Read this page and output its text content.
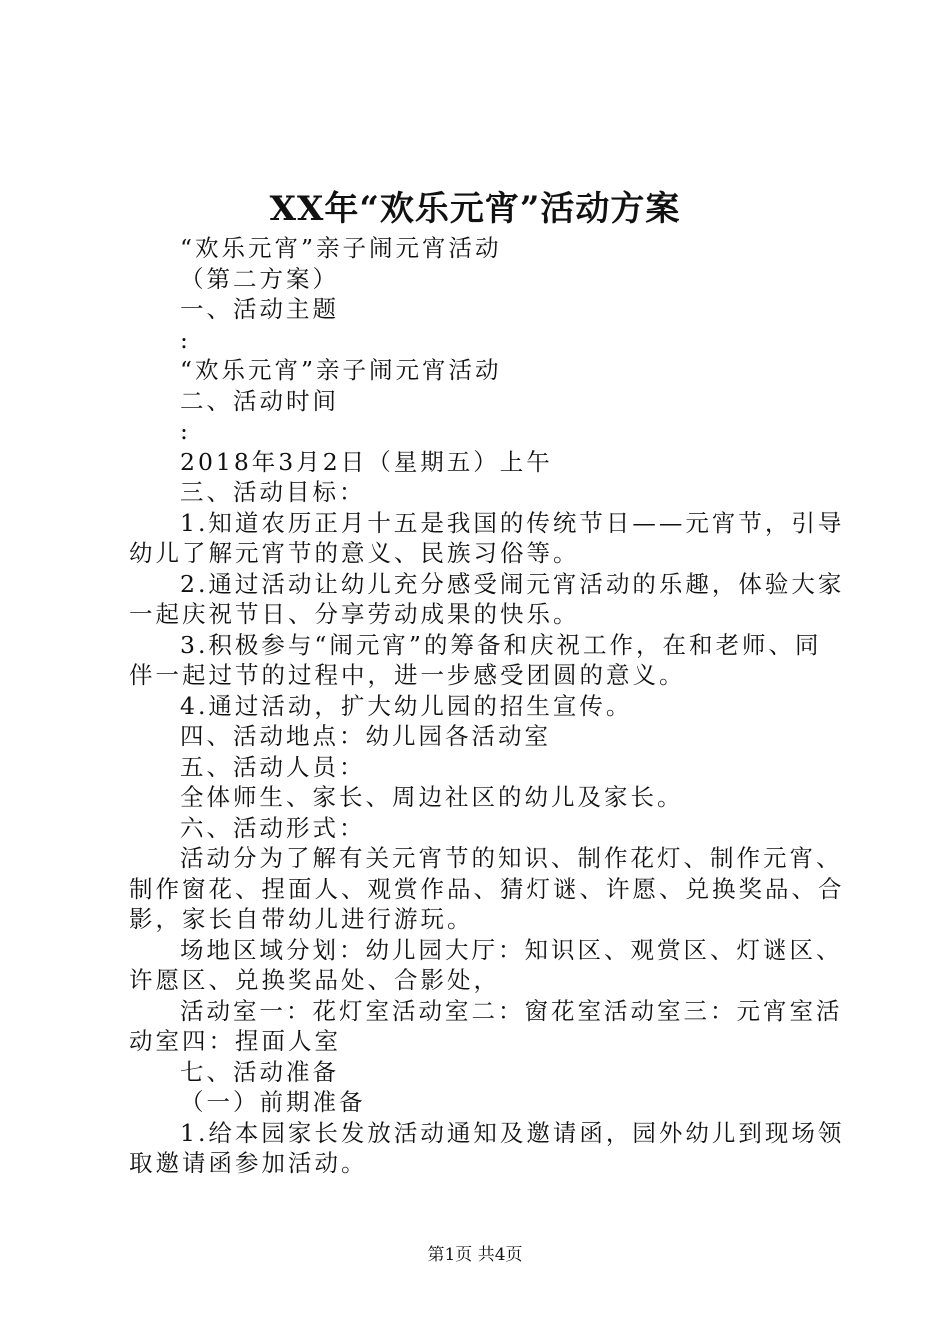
XX年“欢乐元宵”活动方案
“欢乐元宵”亲子闹元宵活动
（第二方案）
一、活动主题
:
“欢乐元宵”亲子闹元宵活动
二、活动时间
:
2018年3月2日（星期五）上午
三、活动目标：
1.知道农历正月十五是我国的传统节日——元宵节，引导
幼儿了解元宵节的意义、民族习俗等。
2.通过活动让幼儿充分感受闹元宵活动的乐趣，体验大家
一起庆祝节日、分享劳动成果的快乐。
3.积极参与“闹元宵”的筹备和庆祝工作，在和老师、同
伴一起过节的过程中，进一步感受团圆的意义。
4.通过活动，扩大幼儿园的招生宣传。
四、活动地点：幼儿园各活动室
五、活动人员：
全体师生、家长、周边社区的幼儿及家长。
六、活动形式：
活动分为了解有关元宵节的知识、制作花灯、制作元宵、
制作窗花、捏面人、观赏作品、猜灯谜、许愿、兑换奖品、合
影，家长自带幼儿进行游玩。
场地区域分划：幼儿园大厅：知识区、观赏区、灯谜区、
许愿区、兑换奖品处、合影处，
活动室一：花灯室活动室二：窗花室活动室三：元宵室活
动室四：捏面人室
七、活动准备
（一）前期准备
1.给本园家长发放活动通知及邀请函，园外幼儿到现场领
取邀请函参加活动。
第1页 共4页
